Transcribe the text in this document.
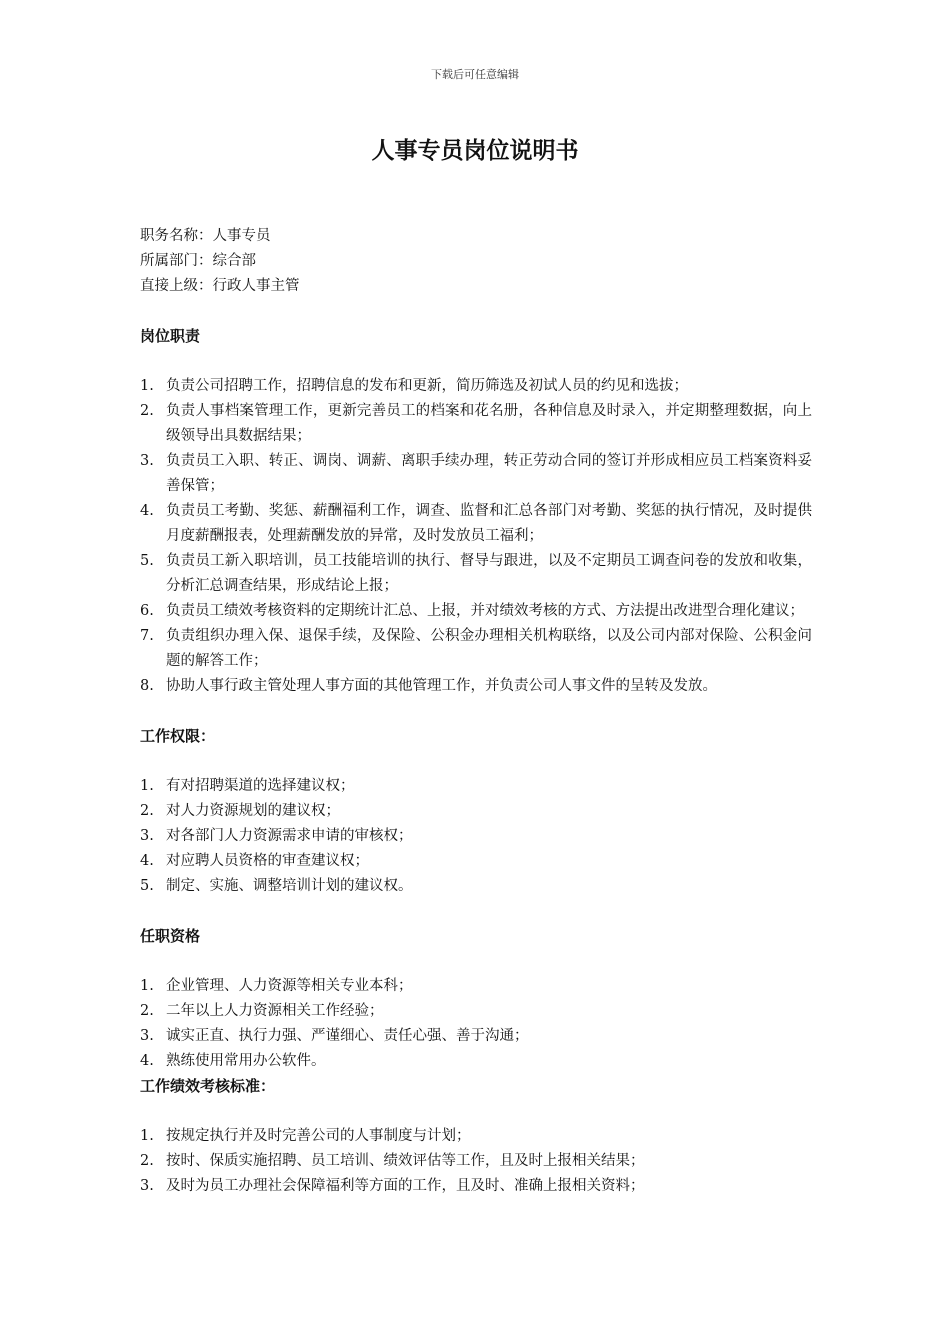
下载后可任意编辑
人事专员岗位说明书

职务名称：人事专员

所属部门：综合部

直接上级：行政人事主管

岗位职责
1. 负责公司招聘工作，招聘信息的发布和更新，简历筛选及初试人员的约见和选拔；
2. 负责人事档案管理工作，更新完善员工的档案和花名册，各种信息及时录入，并定期整理数据，向上级领导出具数据结果；
3. 负责员工入职、转正、调岗、调薪、离职手续办理，转正劳动合同的签订并形成相应员工档案资料妥善保管；
4. 负责员工考勤、奖惩、薪酬福利工作，调查、监督和汇总各部门对考勤、奖惩的执行情况，及时提供月度薪酬报表，处理薪酬发放的异常，及时发放员工福利；
5. 负责员工新入职培训，员工技能培训的执行、督导与跟进，以及不定期员工调查问卷的发放和收集，分析汇总调查结果，形成结论上报；
6. 负责员工绩效考核资料的定期统计汇总、上报，并对绩效考核的方式、方法提出改进型合理化建议；
7. 负责组织办理入保、退保手续，及保险、公积金办理相关机构联络，以及公司内部对保险、公积金问题的解答工作；
8. 协助人事行政主管处理人事方面的其他管理工作，并负责公司人事文件的呈转及发放。
工作权限：
1. 有对招聘渠道的选择建议权；
2. 对人力资源规划的建议权；
3. 对各部门人力资源需求申请的审核权；
4. 对应聘人员资格的审查建议权；
5. 制定、实施、调整培训计划的建议权。
任职资格
1. 企业管理、人力资源等相关专业本科；
2. 二年以上人力资源相关工作经验；
3. 诚实正直、执行力强、严谨细心、责任心强、善于沟通；
4. 熟练使用常用办公软件。
工作绩效考核标准：
1. 按规定执行并及时完善公司的人事制度与计划；
2. 按时、保质实施招聘、员工培训、绩效评估等工作，且及时上报相关结果；
3. 及时为员工办理社会保障福利等方面的工作，且及时、准确上报相关资料；
